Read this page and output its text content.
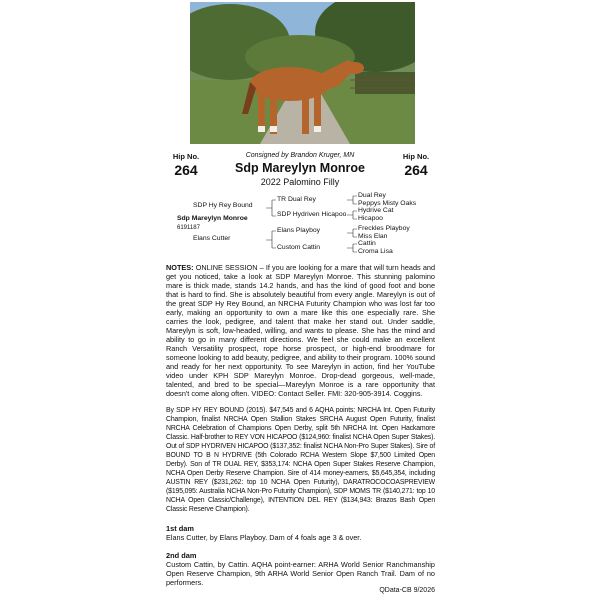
Hip No.
264
Hip No.
264
Consigned by Brandon Kruger, MN
Sdp Mareylyn Monroe
2022 Palomino Filly
SDP Hy Rey Bound
Sdp Mareylyn Monroe
6191187
Elans Cutter
TR Dual Rey
SDP Hydriven Hicapoo
Elans Playboy
Custom Cattin
Dual Rey
Peppys Misty Oaks
Hydrive Cat
Hicapoo
Freckles Playboy
Miss Elan
Cattin
Croma Lisa
NOTES: ONLINE SESSION – If you are looking for a mare that will turn heads and get you noticed, take a look at SDP Mareylyn Monroe. This stunning palomino mare is thick made, stands 14.2 hands, and has the kind of good foot and bone that is hard to find. She is absolutely beautiful from every angle. Mareylyn is out of the great SDP Hy Rey Bound, an NRCHA Futurity Champion who was lost far too early, making an opportunity to own a mare like this one especially rare. She carries the look, pedigree, and talent that make her stand out. Under saddle, Mareylyn is soft, low-headed, willing, and wants to please. She has the mind and ability to go in many different directions. We feel she could make an excellent Ranch Versatility prospect, rope horse prospect, or high-end broodmare for someone looking to add beauty, pedigree, and ability to their program. 100% sound and ready for her next opportunity. To see Mareylyn in action, find her YouTube video under KPH SDP Mareylyn Monroe. Drop-dead gorgeous, well-made, talented, and bred to be special—Mareylyn Monroe is a rare opportunity that doesn't come along often. VIDEO: Contact Seller. FMI: 320-905-3914. Coggins.
By SDP HY REY BOUND (2015). $47,545 and 6 AQHA points: NRCHA Int. Open Futurity Champion, finalist NRCHA Open Stallion Stakes SRCHA August Open Futurity, finalist NRCHA Celebration of Champions Open Derby, split 5th NRCHA Int. Open Hackamore Classic. Half-brother to REY VON HICAPOO ($124,960: finalist NCHA Open Super Stakes). Out of SDP HYDRIVEN HICAPOO ($137,352: finalist NCHA Non-Pro Super Stakes). Sire of BOUND TO B N HYDRIVE (5th Colorado RCHA Western Slope $7,500 Limited Open Derby). Son of TR DUAL REY, $353,174: NCHA Open Super Stakes Reserve Champion, NCHA Open Derby Reserve Champion. Sire of 414 money-earners, $5,645,354, including AUSTIN REY ($231,262: top 10 NCHA Open Futurity), DARATROCOCOASPREVIEW ($195,095: Australia NCHA Non-Pro Futurity Champion), SDP MOMS TR ($140,271: top 10 NCHA Open Classic/Challenge), INTENTION DEL REY ($134,943: Brazos Bash Open Classic Reserve Champion).
1st dam
Elans Cutter, by Elans Playboy. Dam of 4 foals age 3 & over.
2nd dam
Custom Cattin, by Cattin. AQHA point-earner: ARHA World Senior Ranchmanship Open Reserve Champion, 9th ARHA World Senior Open Ranch Trail. Dam of no performers.
QData-CB 9/2026
